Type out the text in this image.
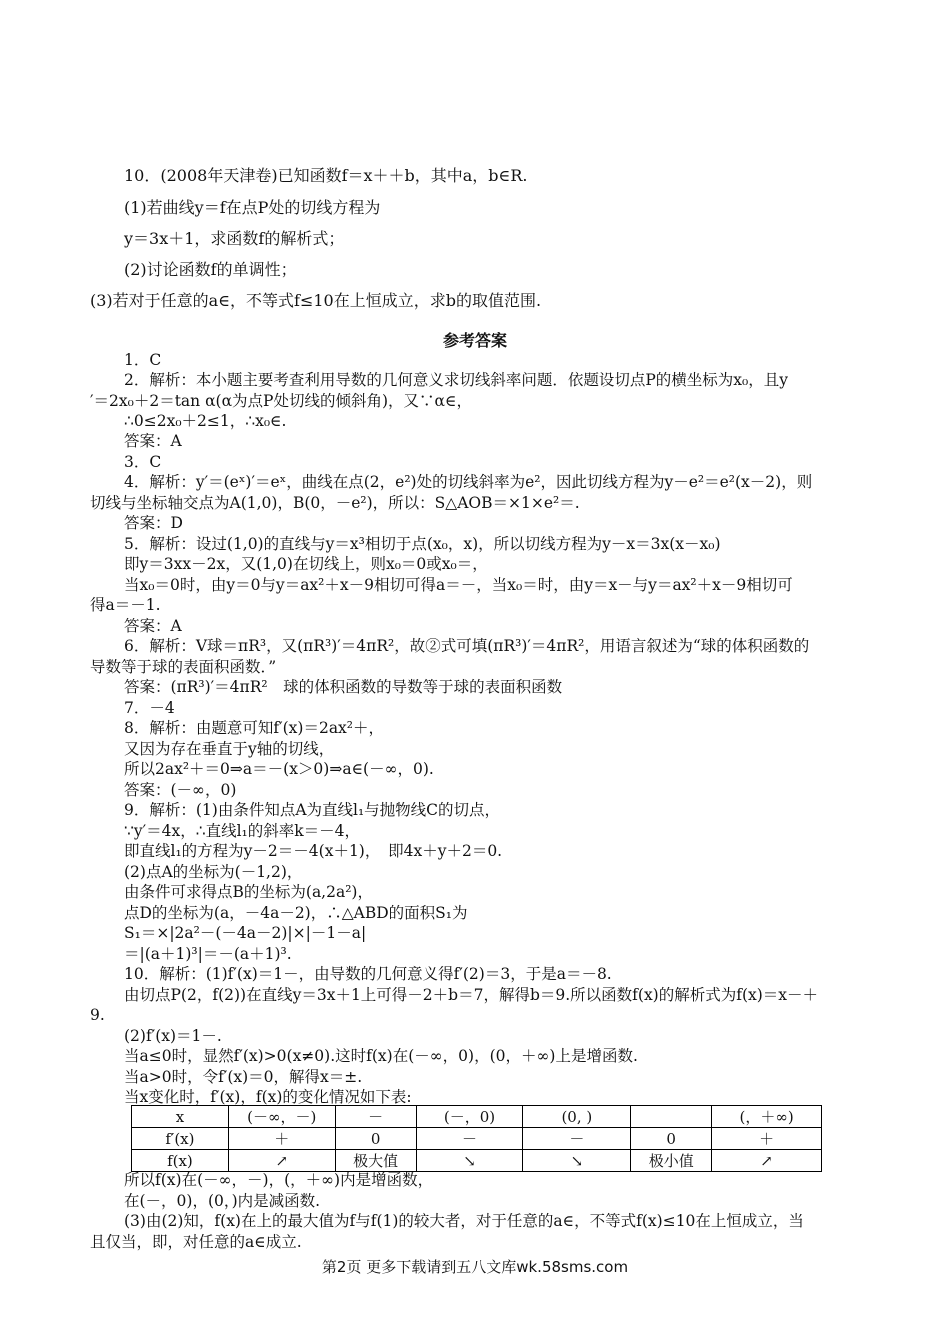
10．(2008年天津卷)已知函数f＝x＋＋b，其中a，b∈R.
(1)若曲线y＝f在点P处的切线方程为
y＝3x＋1，求函数f的解析式；
(2)讨论函数f的单调性；
(3)若对于任意的a∈，不等式f≤10在上恒成立，求b的取值范围.
参考答案
1．C
2．解析：本小题主要考查利用导数的几何意义求切线斜率问题．依题设切点P的横坐标为x₀，且y
′＝2x₀＋2＝tan α(α为点P处切线的倾斜角)，又∵α∈，
∴0≤2x₀＋2≤1，∴x₀∈.
答案：A
3．C
4．解析：y′＝(eˣ)′＝eˣ，曲线在点(2，e²)处的切线斜率为e²，因此切线方程为y－e²＝e²(x－2)，则
切线与坐标轴交点为A(1,0)，B(0，－e²)，所以：S△AOB＝×1×e²＝.
答案：D
5．解析：设过(1,0)的直线与y＝x³相切于点(x₀，x)，所以切线方程为y－x＝3x(x－x₀)
即y＝3xx－2x，又(1,0)在切线上，则x₀＝0或x₀＝，
当x₀＝0时，由y＝0与y＝ax²＋x－9相切可得a＝－，当x₀＝时，由y＝x－与y＝ax²＋x－9相切可
得a＝－1.
答案：A
6．解析：V球＝πR³，又(πR³)′＝4πR²，故②式可填(πR³)′＝4πR²，用语言叙述为“球的体积函数的
导数等于球的表面积函数．”
答案：(πR³)′＝4πR²　球的体积函数的导数等于球的表面积函数
7．－4
8．解析：由题意可知f′(x)＝2ax²＋，
又因为存在垂直于y轴的切线，
所以2ax²＋＝0⇒a＝－(x＞0)⇒a∈(－∞，0).
答案：(－∞，0)
9．解析：(1)由条件知点A为直线l₁与抛物线C的切点，
∵y′＝4x，∴直线l₁的斜率k＝－4，
即直线l₁的方程为y－2＝－4(x＋1)，　即4x＋y＋2＝0.
(2)点A的坐标为(－1,2)，
由条件可求得点B的坐标为(a,2a²)，
点D的坐标为(a，－4a－2)，∴△ABD的面积S₁为
S₁＝×|2a²－(－4a－2)|×|－1－a|
＝|(a＋1)³|＝－(a＋1)³.
10．解析：(1)f′(x)＝1－，由导数的几何意义得f′(2)＝3，于是a＝－8.
由切点P(2，f(2))在直线y＝3x＋1上可得－2＋b＝7，解得b＝9.所以函数f(x)的解析式为f(x)＝x－＋
9.
(2)f′(x)＝1－.
当a≤0时，显然f′(x)>0(x≠0).这时f(x)在(－∞，0)，(0，＋∞)上是增函数.
当a>0时，令f′(x)＝0，解得x＝±.
当x变化时，f′(x)，f(x)的变化情况如下表:
x	(－∞，－)	－	(－，0)	(0, )		(，＋∞)
f′(x)	＋	0	－	－	0	＋
f(x)	↗	极大值	↘	↘	极小值	↗
所以f(x)在(－∞，－)，(，＋∞)内是增函数，
在(－，0)，(0，)内是减函数.
(3)由(2)知，f(x)在上的最大值为f与f(1)的较大者，对于任意的a∈，不等式f(x)≤10在上恒成立，当
且仅当，即，对任意的a∈成立.
第2页 更多下载请到五八文库wk.58sms.com
